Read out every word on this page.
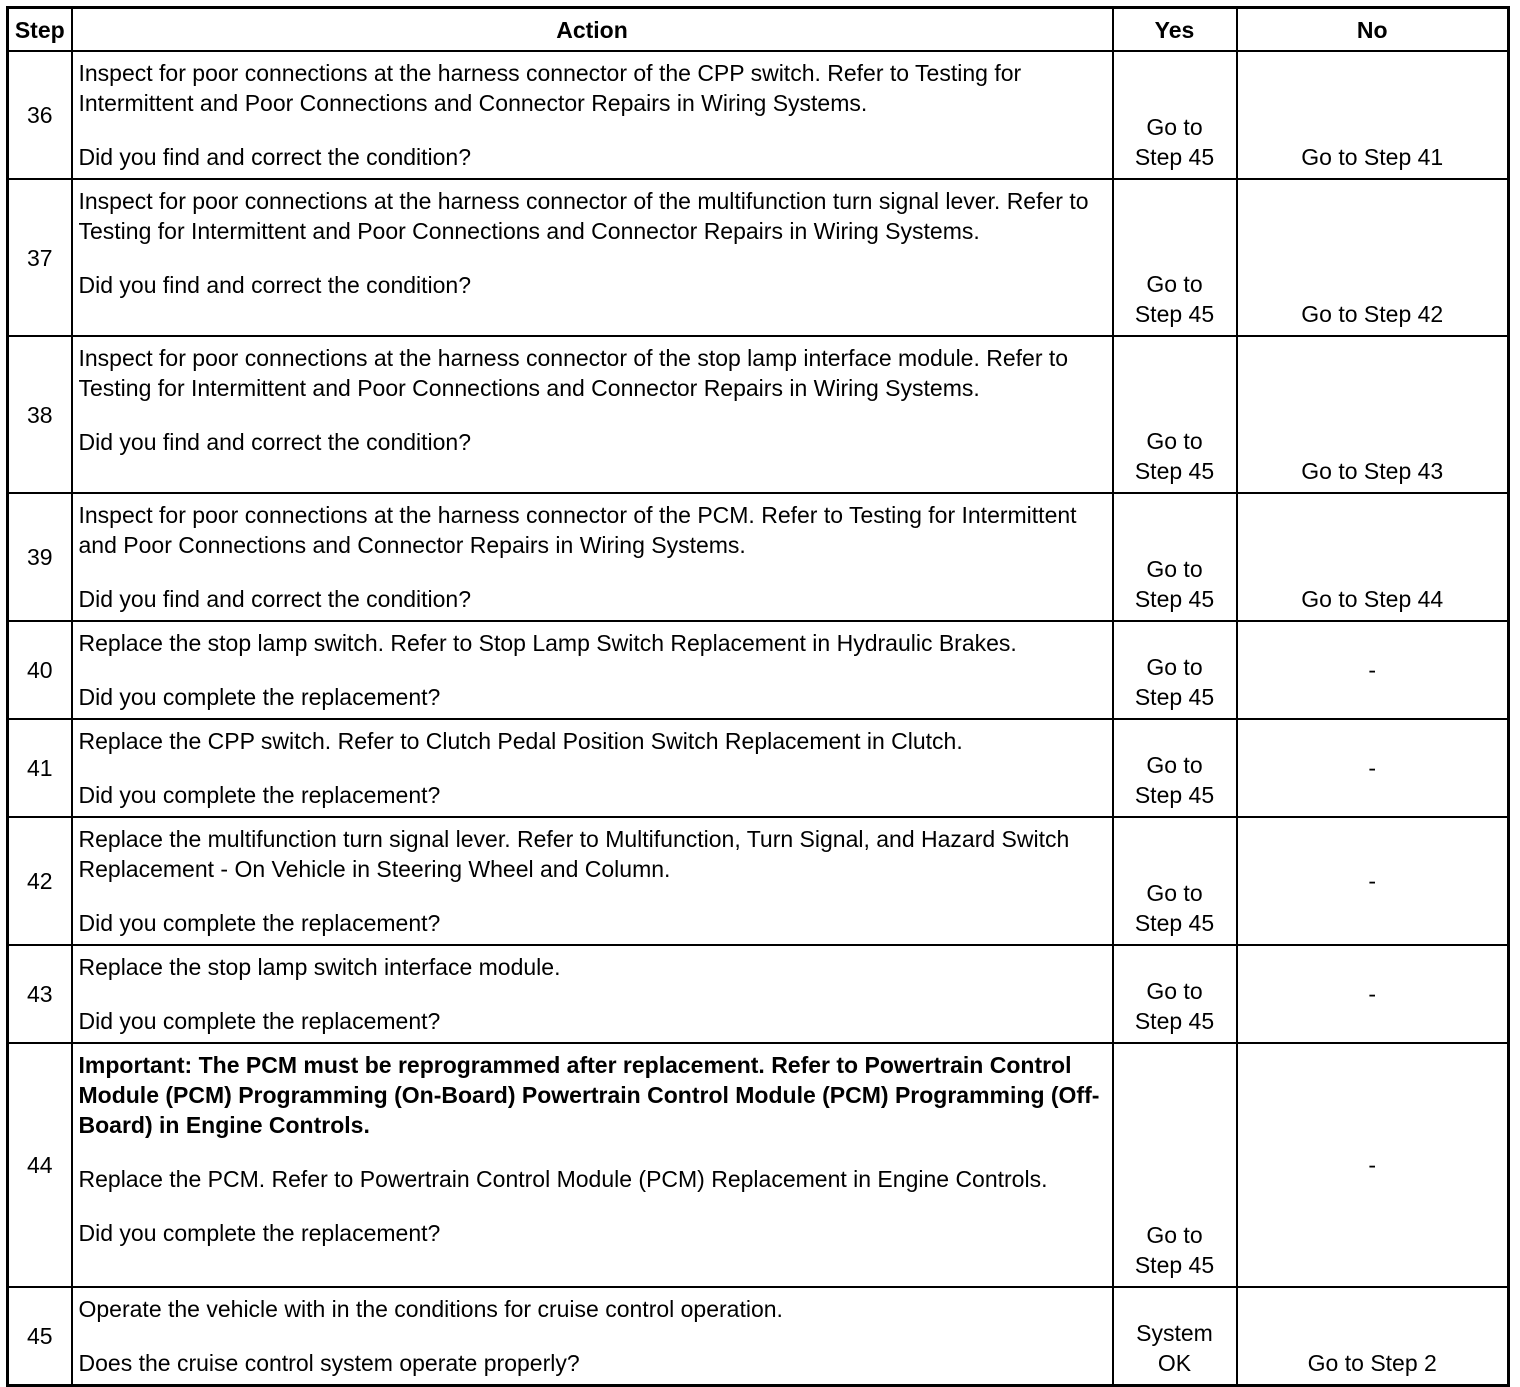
Step	Action	Yes	No
36	Inspect for poor connections at the harness connector of the CPP switch. Refer to Testing for Intermittent and Poor Connections and Connector Repairs in Wiring Systems.
Did you find and correct the condition?	Go to Step 45	Go to Step 41
37	Inspect for poor connections at the harness connector of the multifunction turn signal lever. Refer to Testing for Intermittent and Poor Connections and Connector Repairs in Wiring Systems.
Did you find and correct the condition?	Go to Step 45	Go to Step 42
38	Inspect for poor connections at the harness connector of the stop lamp interface module. Refer to Testing for Intermittent and Poor Connections and Connector Repairs in Wiring Systems.
Did you find and correct the condition?	Go to Step 45	Go to Step 43
39	Inspect for poor connections at the harness connector of the PCM. Refer to Testing for Intermittent and Poor Connections and Connector Repairs in Wiring Systems.
Did you find and correct the condition?	Go to Step 45	Go to Step 44
40	Replace the stop lamp switch. Refer to Stop Lamp Switch Replacement in Hydraulic Brakes.
Did you complete the replacement?	Go to Step 45	-
41	Replace the CPP switch. Refer to Clutch Pedal Position Switch Replacement in Clutch.
Did you complete the replacement?	Go to Step 45	-
42	Replace the multifunction turn signal lever. Refer to Multifunction, Turn Signal, and Hazard Switch Replacement - On Vehicle in Steering Wheel and Column.
Did you complete the replacement?	Go to Step 45	-
43	Replace the stop lamp switch interface module.
Did you complete the replacement?	Go to Step 45	-
44	Important: The PCM must be reprogrammed after replacement. Refer to Powertrain Control Module (PCM) Programming (On-Board) Powertrain Control Module (PCM) Programming (Off-Board) in Engine Controls.
Replace the PCM. Refer to Powertrain Control Module (PCM) Replacement in Engine Controls.
Did you complete the replacement?	Go to Step 45	-
45	Operate the vehicle with in the conditions for cruise control operation.
Does the cruise control system operate properly?	System OK	Go to Step 2
